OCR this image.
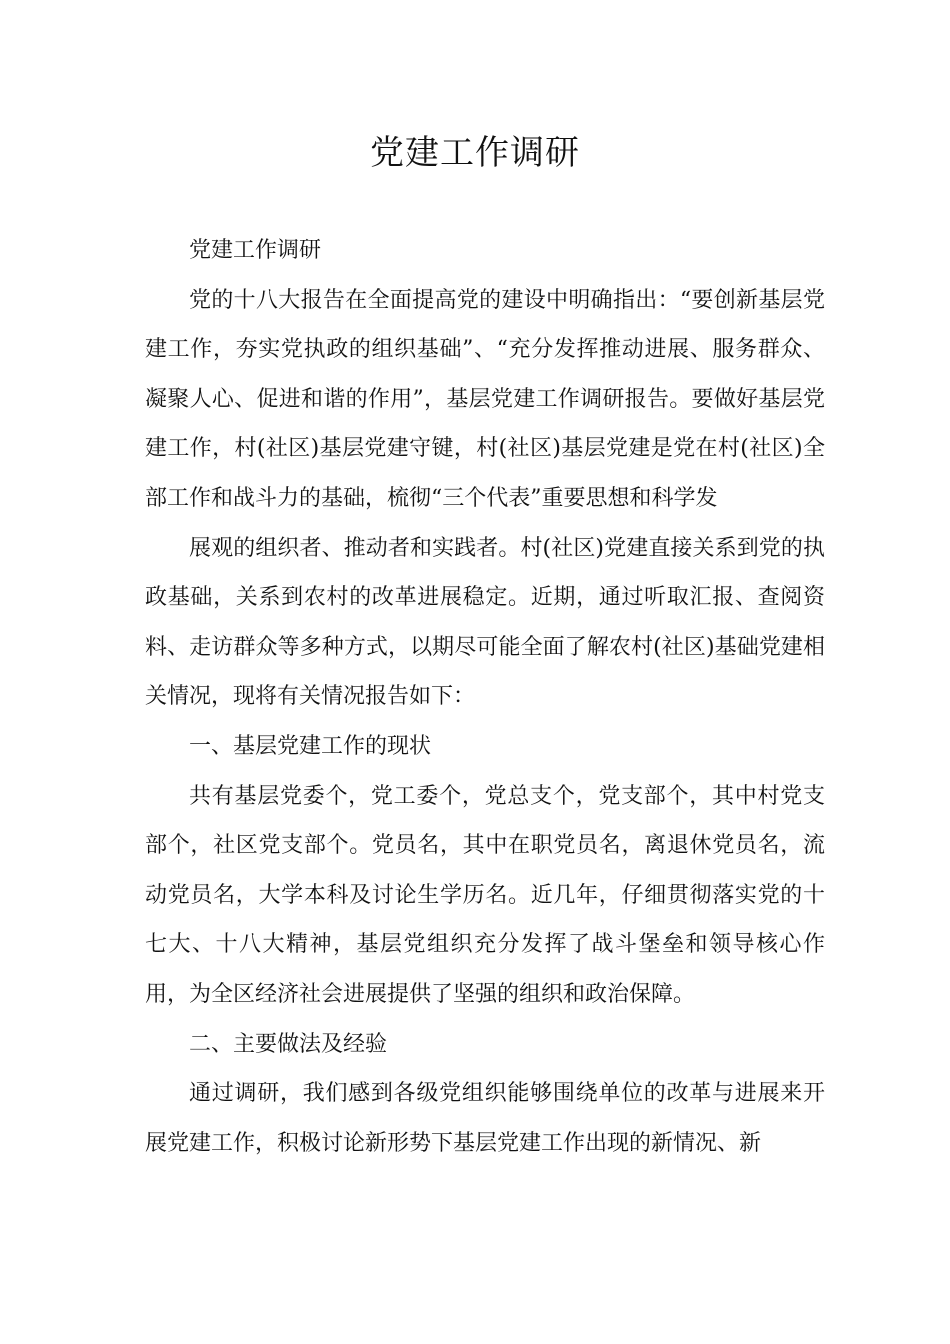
党建工作调研

党建工作调研

党的十八大报告在全面提高党的建设中明确指出：“要创新基层党建工作，夯实党执政的组织基础”、“充分发挥推动进展、服务群众、凝聚人心、促进和谐的作用”，基层党建工作调研报告。要做好基层党建工作，村(社区)基层党建守键，村(社区)基层党建是党在村(社区)全部工作和战斗力的基础，梳彻“三个代表”重要思想和科学发

展观的组织者、推动者和实践者。村(社区)党建直接关系到党的执政基础，关系到农村的改革进展稳定。近期，通过听取汇报、查阅资料、走访群众等多种方式，以期尽可能全面了解农村(社区)基础党建相关情况，现将有关情况报告如下：

一、基层党建工作的现状

共有基层党委个，党工委个，党总支个，党支部个，其中村党支部个，社区党支部个。党员名，其中在职党员名，离退休党员名，流动党员名，大学本科及讨论生学历名。近几年，仔细贯彻落实党的十七大、十八大精神，基层党组织充分发挥了战斗堡垒和领导核心作用，为全区经济社会进展提供了坚强的组织和政治保障。

二、主要做法及经验

通过调研，我们感到各级党组织能够围绕单位的改革与进展来开展党建工作，积极讨论新形势下基层党建工作出现的新情况、新
